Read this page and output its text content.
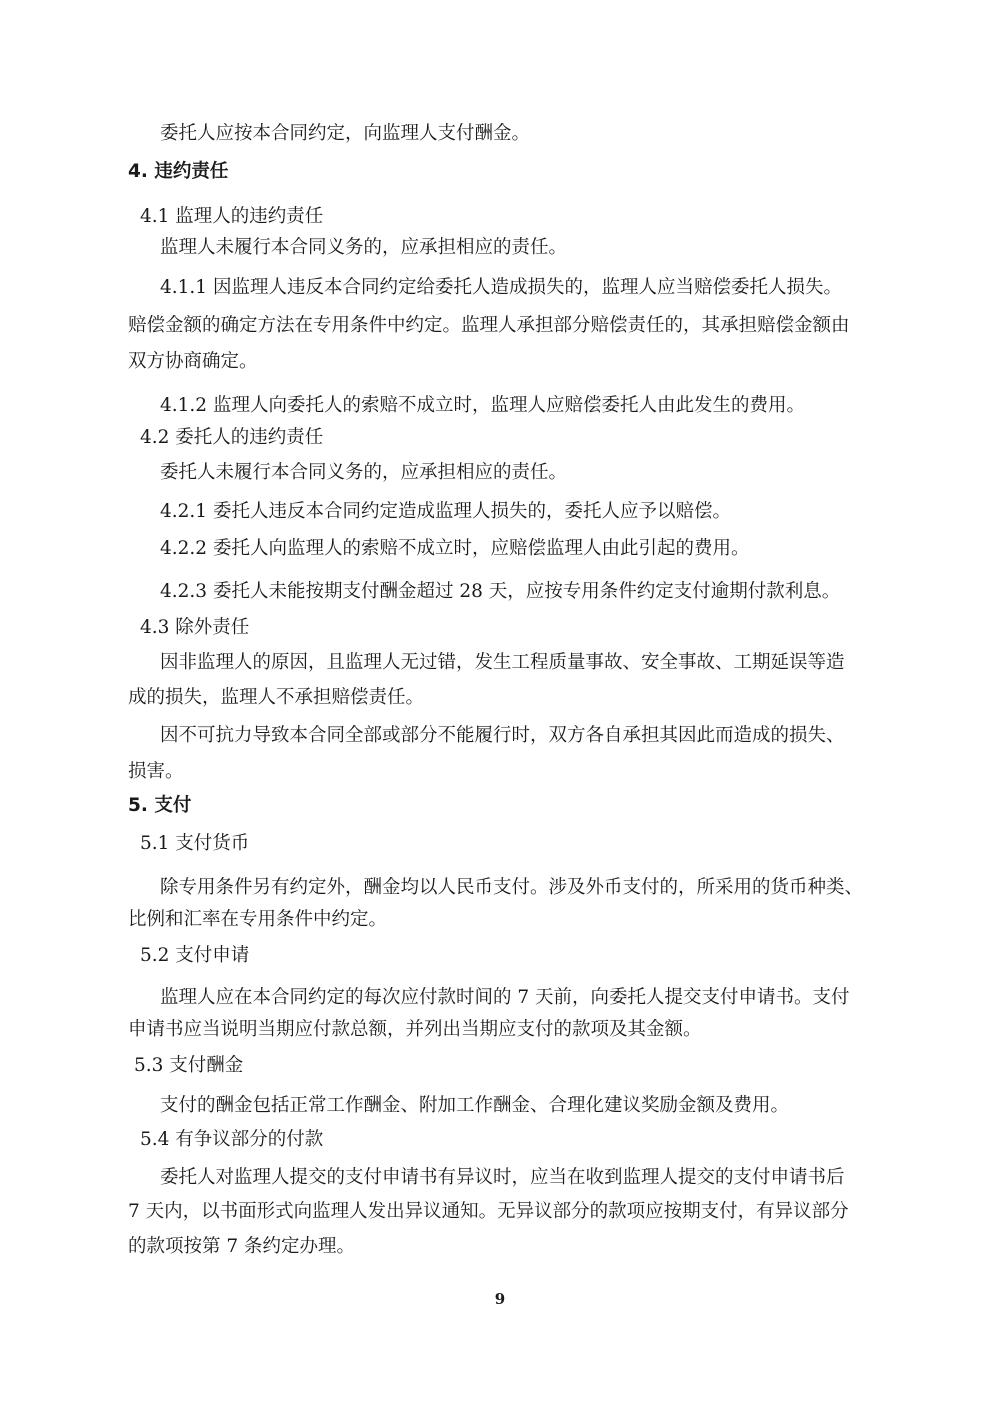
委托人应按本合同约定，向监理人支付酬金。
4. 违约责任
4.1 监理人的违约责任
监理人未履行本合同义务的，应承担相应的责任。
4.1.1 因监理人违反本合同约定给委托人造成损失的，监理人应当赔偿委托人损失。
赔偿金额的确定方法在专用条件中约定。监理人承担部分赔偿责任的，其承担赔偿金额由
双方协商确定。
4.1.2 监理人向委托人的索赔不成立时，监理人应赔偿委托人由此发生的费用。
4.2 委托人的违约责任
委托人未履行本合同义务的，应承担相应的责任。
4.2.1 委托人违反本合同约定造成监理人损失的，委托人应予以赔偿。
4.2.2 委托人向监理人的索赔不成立时，应赔偿监理人由此引起的费用。
4.2.3 委托人未能按期支付酬金超过 28 天，应按专用条件约定支付逾期付款利息。
4.3 除外责任
因非监理人的原因，且监理人无过错，发生工程质量事故、安全事故、工期延误等造
成的损失，监理人不承担赔偿责任。
因不可抗力导致本合同全部或部分不能履行时，双方各自承担其因此而造成的损失、
损害。
5. 支付
5.1 支付货币
除专用条件另有约定外，酬金均以人民币支付。涉及外币支付的，所采用的货币种类、
比例和汇率在专用条件中约定。
5.2 支付申请
监理人应在本合同约定的每次应付款时间的 7 天前，向委托人提交支付申请书。支付
申请书应当说明当期应付款总额，并列出当期应支付的款项及其金额。
5.3 支付酬金
支付的酬金包括正常工作酬金、附加工作酬金、合理化建议奖励金额及费用。
5.4 有争议部分的付款
委托人对监理人提交的支付申请书有异议时，应当在收到监理人提交的支付申请书后
7 天内，以书面形式向监理人发出异议通知。无异议部分的款项应按期支付，有异议部分
的款项按第 7 条约定办理。
9
